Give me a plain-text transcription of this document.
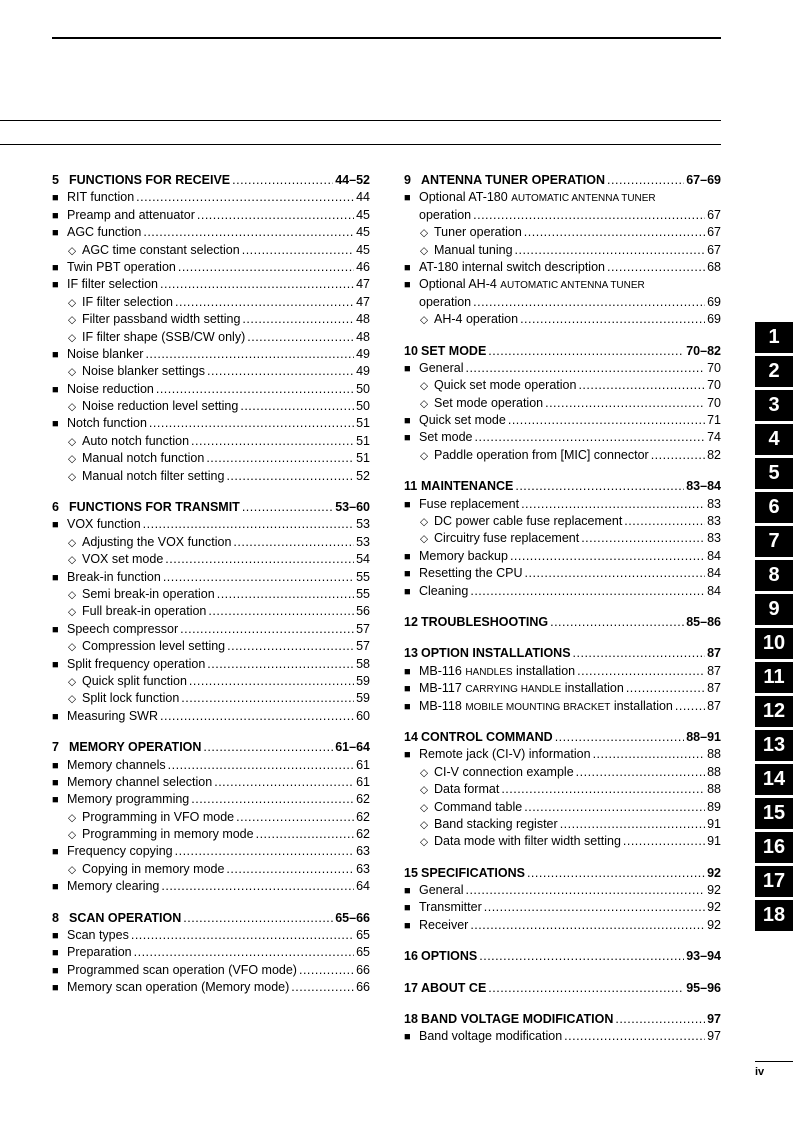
5 FUNCTIONS FOR RECEIVE .....	44–52
■ RIT function .....	44
■ Preamp and attenuator .....	45
■ AGC function .....	45
◇ AGC time constant selection .....	45
■ Twin PBT operation .....	46
■ IF filter selection .....	47
◇ IF filter selection .....	47
◇ Filter passband width setting .....	48
◇ IF filter shape (SSB/CW only) .....	48
■ Noise blanker .....	49
◇ Noise blanker settings .....	49
■ Noise reduction .....	50
◇ Noise reduction level setting .....	50
■ Notch function .....	51
◇ Auto notch function .....	51
◇ Manual notch function .....	51
◇ Manual notch filter setting .....	52
6 FUNCTIONS FOR TRANSMIT .....	53–60
■ VOX function .....	53
◇ Adjusting the VOX function .....	53
◇ VOX set mode .....	54
■ Break-in function .....	55
◇ Semi break-in operation .....	55
◇ Full break-in operation .....	56
■ Speech compressor .....	57
◇ Compression level setting .....	57
■ Split frequency operation .....	58
◇ Quick split function .....	59
◇ Split lock function .....	59
■ Measuring SWR .....	60
7 MEMORY OPERATION .....	61–64
■ Memory channels .....	61
■ Memory channel selection .....	61
■ Memory programming .....	62
◇ Programming in VFO mode .....	62
◇ Programming in memory mode .....	62
■ Frequency copying .....	63
◇ Copying in memory mode .....	63
■ Memory clearing .....	64
8 SCAN OPERATION .....	65–66
■ Scan types .....	65
■ Preparation .....	65
■ Programmed scan operation (VFO mode) .....	66
■ Memory scan operation (Memory mode) .....	66
9 ANTENNA TUNER OPERATION .....	67–69
■ Optional AT-180 AUTOMATIC ANTENNA TUNER
operation .....	67
◇ Tuner operation .....	67
◇ Manual tuning .....	67
■ AT-180 internal switch description .....	68
■ Optional AH-4 AUTOMATIC ANTENNA TUNER
operation .....	69
◇ AH-4 operation .....	69
10 SET MODE .....	70–82
■ General .....	70
◇ Quick set mode operation .....	70
◇ Set mode operation .....	70
■ Quick set mode .....	71
■ Set mode .....	74
◇ Paddle operation from [MIC] connector .....	82
11 MAINTENANCE .....	83–84
■ Fuse replacement .....	83
◇ DC power cable fuse replacement .....	83
◇ Circuitry fuse replacement .....	83
■ Memory backup .....	84
■ Resetting the CPU .....	84
■ Cleaning .....	84
12 TROUBLESHOOTING .....	85–86
13 OPTION INSTALLATIONS .....	87
■ MB-116 HANDLES installation .....	87
■ MB-117 CARRYING HANDLE installation .....	87
■ MB-118 MOBILE MOUNTING BRACKET installation .....	87
14 CONTROL COMMAND .....	88–91
■ Remote jack (CI-V) information .....	88
◇ CI-V connection example .....	88
◇ Data format .....	88
◇ Command table .....	89
◇ Band stacking register .....	91
◇ Data mode with filter width setting .....	91
15 SPECIFICATIONS .....	92
■ General .....	92
■ Transmitter .....	92
■ Receiver .....	92
16 OPTIONS .....	93–94
17 ABOUT CE .....	95–96
18 BAND VOLTAGE MODIFICATION .....	97
■ Band voltage modification .....	97
1
2
3
4
5
6
7
8
9
10
11
12
13
14
15
16
17
18
iv
